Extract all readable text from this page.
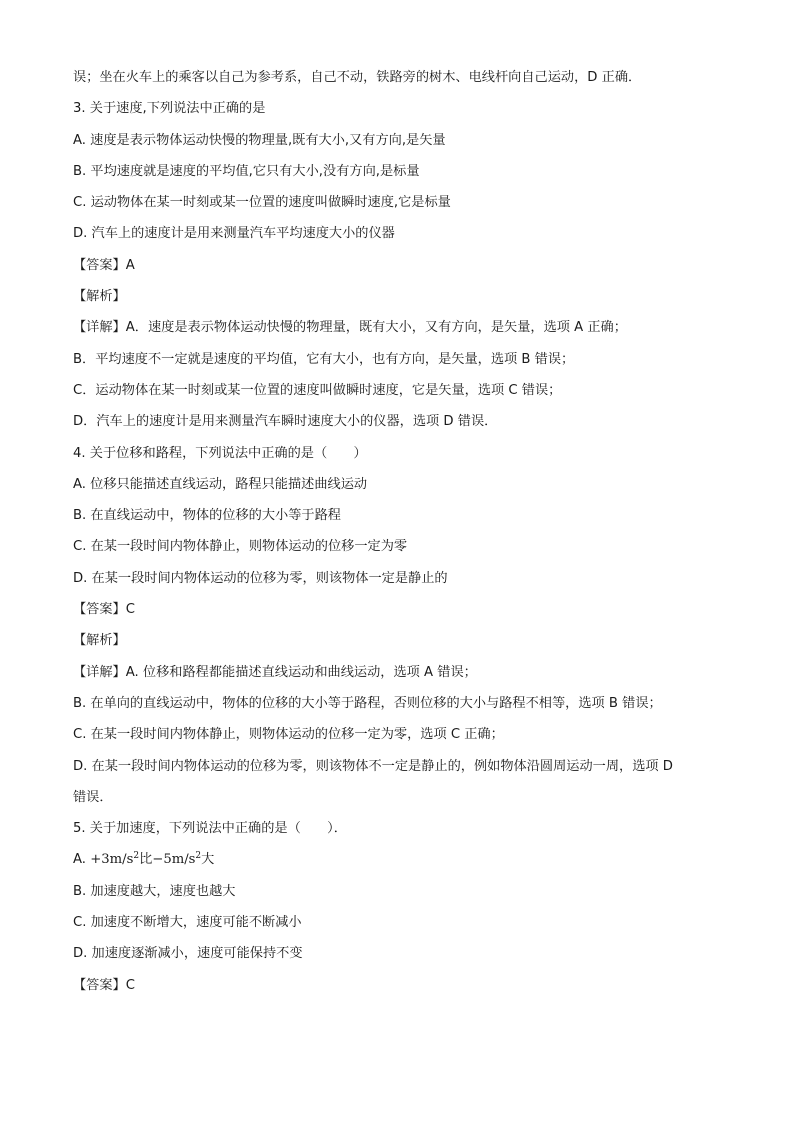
误；坐在火车上的乘客以自己为参考系，自己不动，铁路旁的树木、电线杆向自己运动，D 正确．
3. 关于速度,下列说法中正确的是
A. 速度是表示物体运动快慢的物理量,既有大小,又有方向,是矢量
B. 平均速度就是速度的平均值,它只有大小,没有方向,是标量
C. 运动物体在某一时刻或某一位置的速度叫做瞬时速度,它是标量
D. 汽车上的速度计是用来测量汽车平均速度大小的仪器
【答案】A
【解析】
【详解】A．速度是表示物体运动快慢的物理量，既有大小，又有方向，是矢量，选项 A 正确；
B．平均速度不一定就是速度的平均值，它有大小，也有方向，是矢量，选项 B 错误；
C．运动物体在某一时刻或某一位置的速度叫做瞬时速度，它是矢量，选项 C 错误；
D．汽车上的速度计是用来测量汽车瞬时速度大小的仪器，选项 D 错误．
4. 关于位移和路程，下列说法中正确的是（　　）
A. 位移只能描述直线运动，路程只能描述曲线运动
B. 在直线运动中，物体的位移的大小等于路程
C. 在某一段时间内物体静止，则物体运动的位移一定为零
D. 在某一段时间内物体运动的位移为零，则该物体一定是静止的
【答案】C
【解析】
【详解】A. 位移和路程都能描述直线运动和曲线运动，选项 A 错误；
B. 在单向的直线运动中，物体的位移的大小等于路程，否则位移的大小与路程不相等，选项 B 错误；
C. 在某一段时间内物体静止，则物体运动的位移一定为零，选项 C 正确；
D. 在某一段时间内物体运动的位移为零，则该物体不一定是静止的，例如物体沿圆周运动一周，选项 D
错误．
5. 关于加速度，下列说法中正确的是（　　）．
A. $+3m/s^2$比$-5m/s^2$大
B. 加速度越大，速度也越大
C. 加速度不断增大，速度可能不断减小
D. 加速度逐渐减小，速度可能保持不变
【答案】C
